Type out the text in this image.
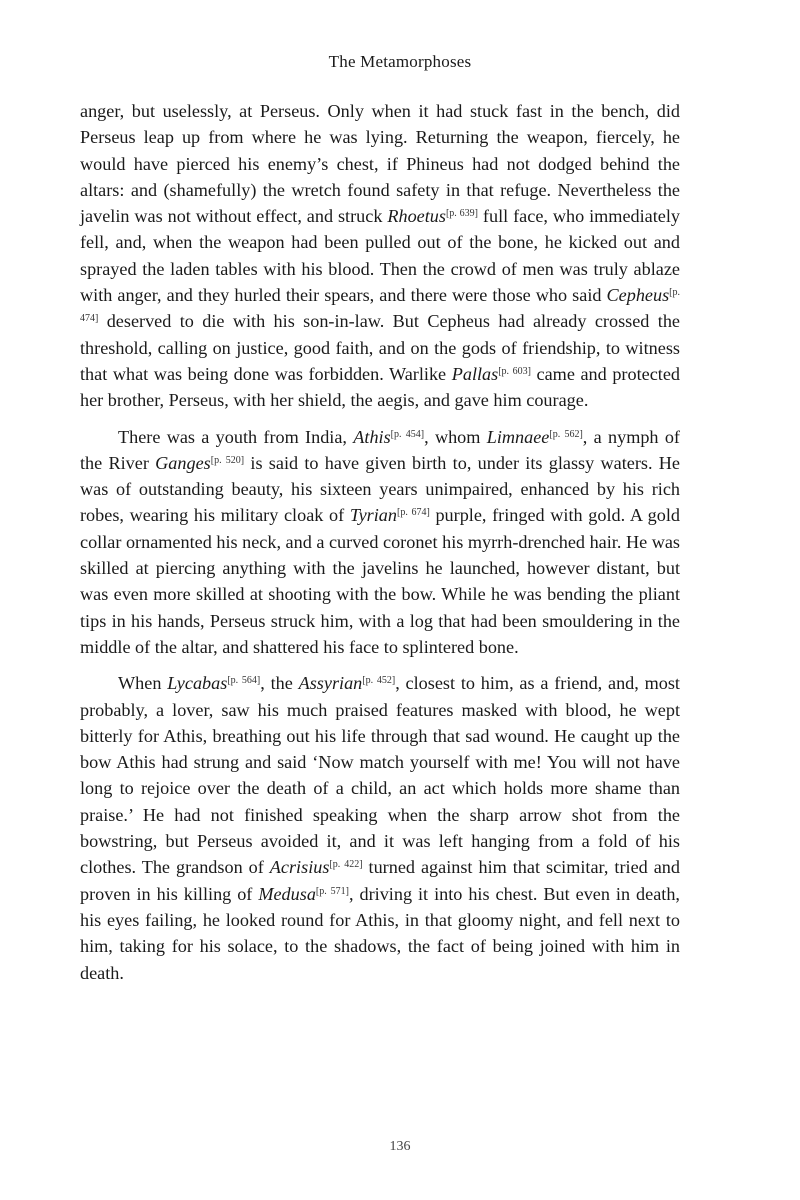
The Metamorphoses

anger, but uselessly, at Perseus. Only when it had stuck fast in the bench, did Perseus leap up from where he was lying. Returning the weapon, fiercely, he would have pierced his enemy’s chest, if Phineus had not dodged behind the altars: and (shamefully) the wretch found safety in that refuge. Nevertheless the javelin was not without effect, and struck Rhoetus[p. 639] full face, who immediately fell, and, when the weapon had been pulled out of the bone, he kicked out and sprayed the laden tables with his blood. Then the crowd of men was truly ablaze with anger, and they hurled their spears, and there were those who said Cepheus[p. 474] deserved to die with his son-in-law. But Cepheus had already crossed the threshold, calling on justice, good faith, and on the gods of friendship, to witness that what was being done was forbidden. Warlike Pallas[p. 603] came and protected her brother, Perseus, with her shield, the aegis, and gave him courage.

There was a youth from India, Athis[p. 454], whom Limnaee[p. 562], a nymph of the River Ganges[p. 520] is said to have given birth to, under its glassy waters. He was of outstanding beauty, his sixteen years unimpaired, enhanced by his rich robes, wearing his military cloak of Tyrian[p. 674] purple, fringed with gold. A gold collar ornamented his neck, and a curved coronet his myrrh-drenched hair. He was skilled at piercing anything with the javelins he launched, however distant, but was even more skilled at shooting with the bow. While he was bending the pliant tips in his hands, Perseus struck him, with a log that had been smouldering in the middle of the altar, and shattered his face to splintered bone.

When Lycabas[p. 564], the Assyrian[p. 452], closest to him, as a friend, and, most probably, a lover, saw his much praised features masked with blood, he wept bitterly for Athis, breathing out his life through that sad wound. He caught up the bow Athis had strung and said ‘Now match yourself with me! You will not have long to rejoice over the death of a child, an act which holds more shame than praise.’ He had not finished speaking when the sharp arrow shot from the bowstring, but Perseus avoided it, and it was left hanging from a fold of his clothes. The grandson of Acrisius[p. 422] turned against him that scimitar, tried and proven in his killing of Medusa[p. 571], driving it into his chest. But even in death, his eyes failing, he looked round for Athis, in that gloomy night, and fell next to him, taking for his solace, to the shadows, the fact of being joined with him in death.

136
